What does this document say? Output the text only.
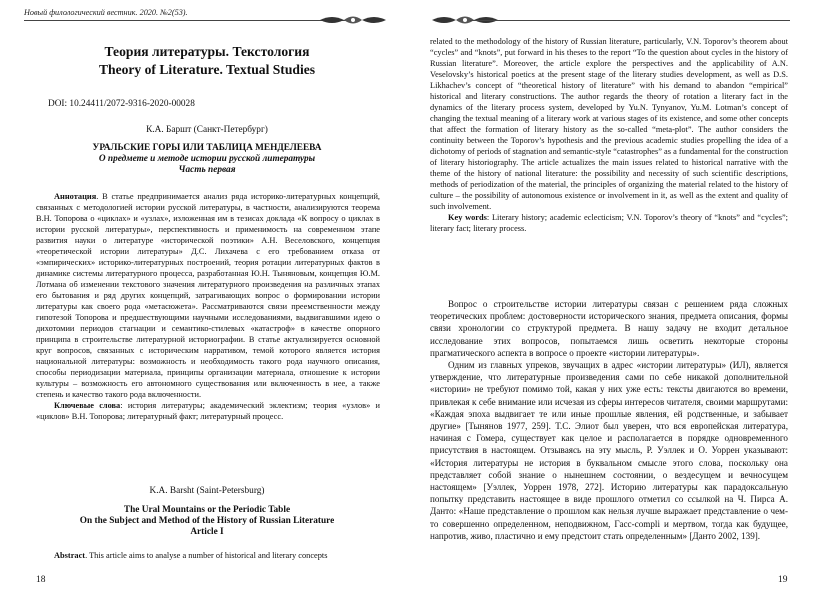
Новый филологический вестник. 2020. №2(53).
Теория литературы. Текстология
Theory of Literature. Textual Studies
DOI: 10.24411/2072-9316-2020-00028
К.А. Баршт (Санкт-Петербург)
УРАЛЬСКИЕ ГОРЫ ИЛИ ТАБЛИЦА МЕНДЕЛЕЕВА
О предмете и методе истории русской литературы
Часть первая

Аннотация. В статье предпринимается анализ ряда историко-литературных концепций, связанных с методологией истории русской литературы, в частности, анализируются теорема В.Н. Топорова о «циклах» и «узлах», изложенная им в тезисах доклада «К вопросу о циклах в истории русской литературы», перспективность и применимость на современном этапе развития науки о литературе «исторической поэтики» А.Н. Веселовского, концепция «теоретической истории литературы» Д.С. Лихачева с его требованием отказа от «эмпирических» историко-литературных построений, теория ротации литературных фактов в динамике системы литературного процесса, разработанная Ю.Н. Тыняновым, концепция Ю.М. Лотмана об изменении текстового значения литературного произведения на различных этапах его бытования и ряд других концепций, затрагивающих вопрос о формировании истории литературы как своего рода «метасюжета». Рассматриваются связи преемственности между гипотезой Топорова и предшествующими научными исследованиями, выдвигавшими идею о дихотомии периодов стагнации и семантико-стилевых «катастроф» в качестве опорного принципа в строительстве литературной историографии. В статье актуализируется основной круг вопросов, связанных с историческим нарративом, темой которого является история национальной литературы: возможность и необходимость такого рода научного описания, способы периодизации материала, принципы организации материала, отношение к истории культуры – возможность его автономного существования или включенность в нее, а также степень и качество такого рода включенности.

Ключевые слова: история литературы; академический эклектизм; теория «узлов» и «циклов» В.Н. Топорова; литературный факт; литературный процесс.

K.A. Barsht (Saint-Petersburg)
The Ural Mountains or the Periodic Table
On the Subject and Method of the History of Russian Literature
Article I

Abstract. This article aims to analyse a number of historical and literary concepts

18

related to the methodology of the history of Russian literature, particularly, V.N. Toporov’s theorem about “cycles” and “knots”, put forward in his theses to the report “To the question about cycles in the history of Russian literature”. Moreover, the article explore the perspectives and the applicability of A.N. Veselovsky’s historical poetics at the present stage of the literary studies development, as well as D.S. Likhachev’s concept of “theoretical history of literature” with his demand to abandon “empirical” historical and literary constructions. The author regards the theory of rotation a literary fact in the dynamics of the literary process system, developed by Yu.N. Tynyanov, Yu.M. Lotman’s concept of changing the textual meaning of a literary work at various stages of its existence, and some other concepts that affect the formation of literary history as the so-called “meta-plot”. The author considers the continuity between the Toporov’s hypothesis and the previous academic studies propelling the idea of a dichotomy of periods of stagnation and semantic-style “catastrophes” as a fundamental for the construction of literary historiography. The article actualizes the main issues related to historical narrative with the theme of the history of national literature: the possibility and necessity of such scientific descriptions, methods of periodization of the material, the principles of organizing the material related to the history of culture – the possibility of autonomous existence or involvement in it, as well as the extent and quality of such involvement.

Key words: Literary history; academic eclecticism; V.N. Toporov’s theory of “knots” and “cycles”; literary fact; literary process.

Вопрос о строительстве истории литературы связан с решением ряда сложных теоретических проблем: достоверности исторического знания, предмета описания, формы связи хронологии со структурой предмета. В нашу задачу не входит детальное исследование этих вопросов, попытаемся лишь осветить некоторые стороны прагматического аспекта в вопросе о проекте «истории литературы».

Одним из главных упреков, звучащих в адрес «истории литературы» (ИЛ), является утверждение, что литературные произведения сами по себе никакой дополнительной «истории» не требуют помимо той, какая у них уже есть: тексты двигаются во времени, привлекая к себе внимание или исчезая из сферы интересов читателя, своими маршрутами: «Каждая эпоха выдвигает те или иные прошлые явления, ей родственные, и забывает другие» [Тынянов 1977, 259]. Т.С. Элиот был уверен, что вся европейская литература, начиная с Гомера, существует как целое и располагается в порядке одновременного присутствия в настоящем. Отзываясь на эту мысль, Р. Уэллек и О. Уоррен указывают: «История литературы не история в буквальном смысле этого слова, поскольку она представляет собой знание о нынешнем состоянии, о вездесущем и вечносущем настоящем» [Уэллек, Уоррен 1978, 272]. Историю литературы как парадоксальную попытку представить настоящее в виде прошлого отметил со ссылкой на Ч. Пирса А. Данто: «Наше представление о прошлом как нельзя лучше выражает представление о чем-то совершенно определенном, неподвижном, Гасс-compli и мертвом, тогда как будущее, напротив, живо, пластично и ему предстоит стать определенным» [Данто 2002, 139].

19
